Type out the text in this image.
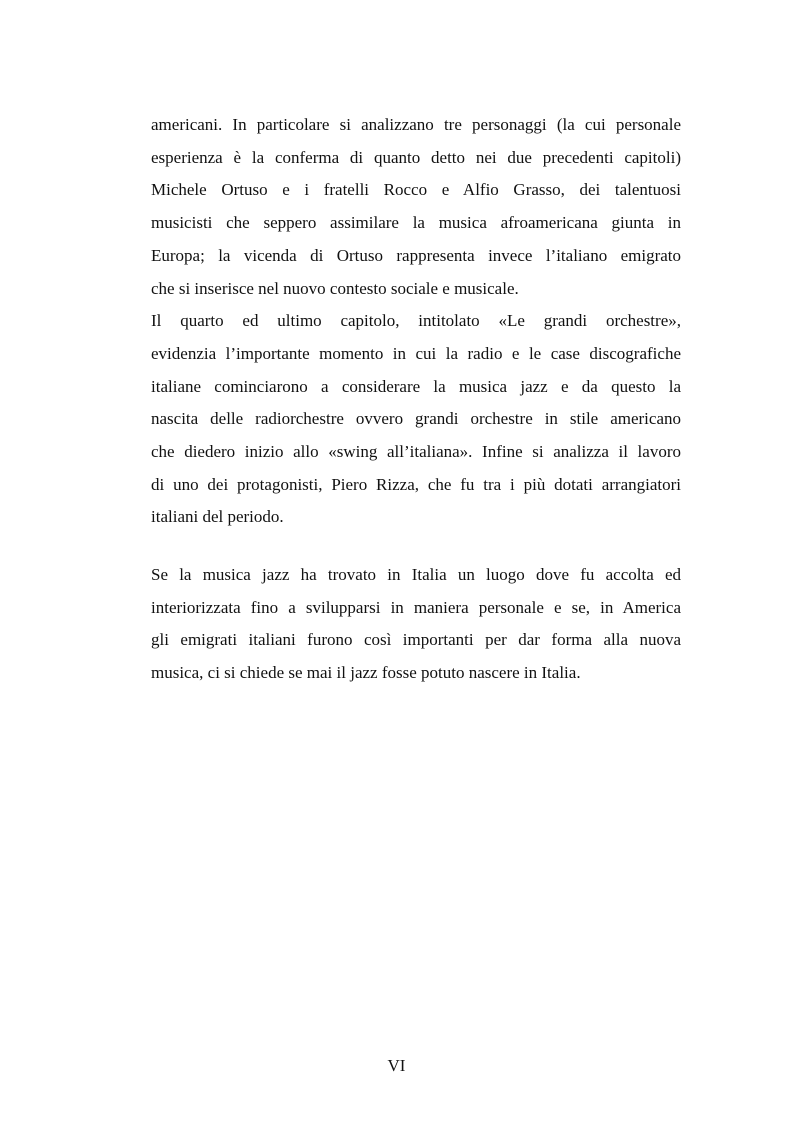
americani. In particolare si analizzano tre personaggi (la cui personale
esperienza è la conferma di quanto detto nei due precedenti capitoli)
Michele Ortuso e i fratelli Rocco e Alfio Grasso, dei talentuosi
musicisti che seppero assimilare la musica afroamericana giunta in
Europa; la vicenda di Ortuso rappresenta invece l’italiano emigrato
che si inserisce nel nuovo contesto sociale e musicale.

Il quarto ed ultimo capitolo, intitolato «Le grandi orchestre»,
evidenzia l’importante momento in cui la radio e le case discografiche
italiane cominciarono a considerare la musica jazz e da questo la
nascita delle radiorchestre ovvero grandi orchestre in stile americano
che diedero inizio allo «swing all’italiana». Infine si analizza il lavoro
di uno dei protagonisti, Piero Rizza, che fu tra i più dotati arrangiatori
italiani del periodo.

Se la musica jazz ha trovato in Italia un luogo dove fu accolta ed
interiorizzata fino a svilupparsi in maniera personale e se, in America
gli emigrati italiani furono così importanti per dar forma alla nuova
musica, ci si chiede se mai il jazz fosse potuto nascere in Italia.

VI
